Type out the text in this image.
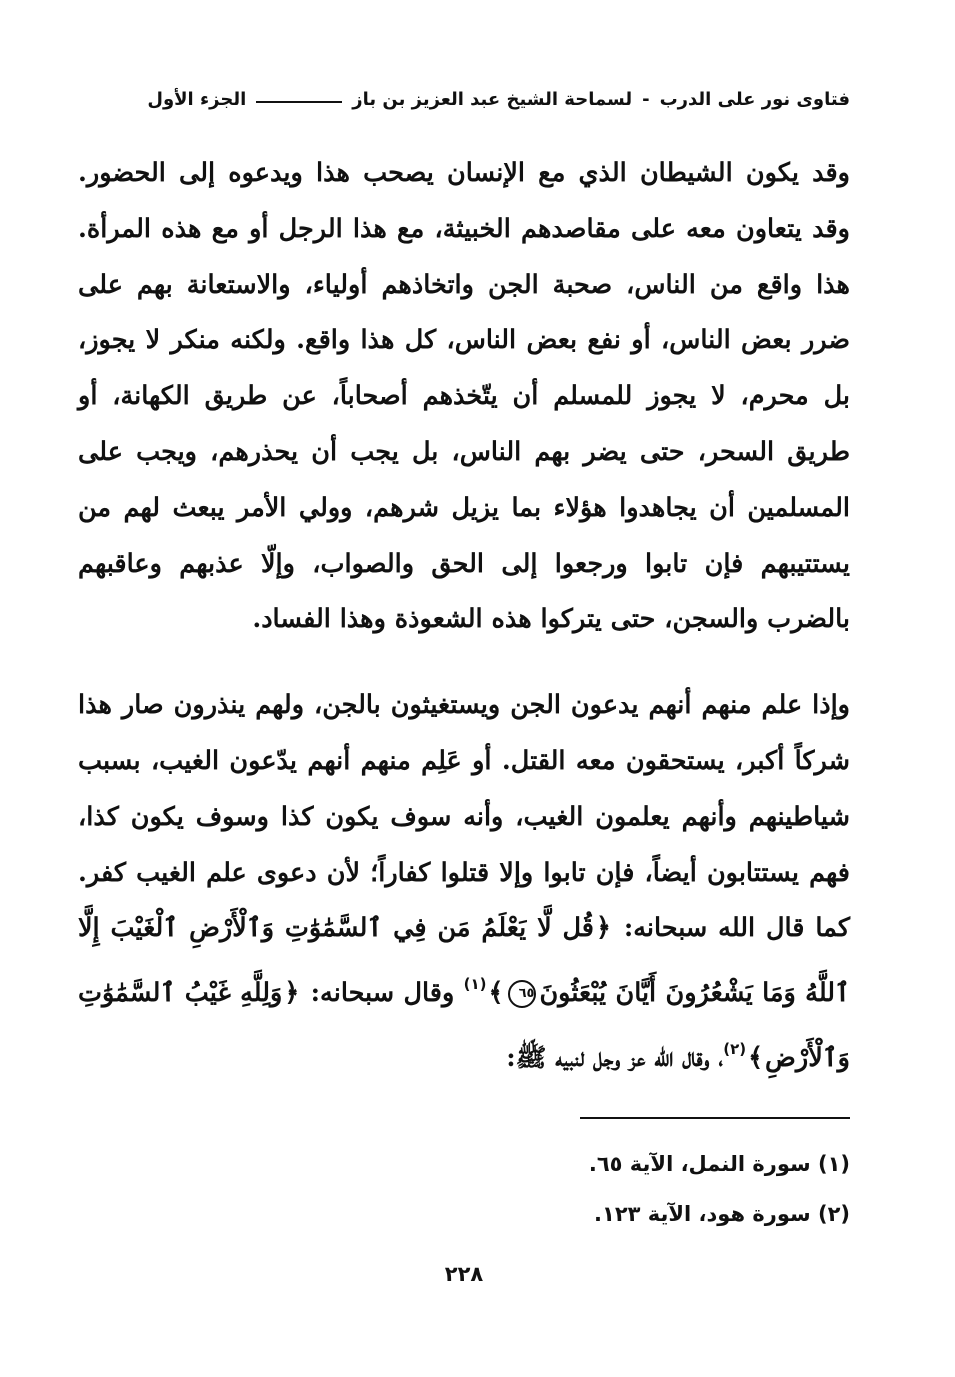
فتاوى نور على الدرب
-
لسماحة الشيخ عبد العزيز بن باز
الجزء الأول

وقد يكون الشيطان الذي مع الإنسان يصحب هذا ويدعوه إلى الحضور. وقد يتعاون معه على مقاصدهم الخبيثة، مع هذا الرجل أو مع هذه المرأة. هذا واقع من الناس، صحبة الجن واتخاذهم أولياء، والاستعانة بهم على ضرر بعض الناس، أو نفع بعض الناس، كل هذا واقع. ولكنه منكر لا يجوز، بل محرم، لا يجوز للمسلم أن يتّخذهم أصحاباً، عن طريق الكهانة، أو طريق السحر، حتى يضر بهم الناس، بل يجب أن يحذرهم، ويجب على المسلمين أن يجاهدوا هؤلاء بما يزيل شرهم، وولي الأمر يبعث لهم من يستتيبهم فإن تابوا ورجعوا إلى الحق والصواب، وإلّا عذبهم وعاقبهم بالضرب والسجن، حتى يتركوا هذه الشعوذة وهذا الفساد.

وإذا علم منهم أنهم يدعون الجن ويستغيثون بالجن، ولهم ينذرون صار هذا شركاً أكبر، يستحقون معه القتل. أو عَلِم منهم أنهم يدّعون الغيب، بسبب شياطينهم وأنهم يعلمون الغيب، وأنه سوف يكون كذا وسوف يكون كذا، فهم يستتابون أيضاً، فإن تابوا وإلا قتلوا كفاراً؛ لأن دعوى علم الغيب كفر. كما قال الله سبحانه: ﴿قُل لَّا يَعْلَمُ مَن فِي ٱلسَّمَٰوَٰتِ وَٱلْأَرْضِ ٱلْغَيْبَ إِلَّا ٱللَّهُ وَمَا يَشْعُرُونَ أَيَّانَ يُبْعَثُونَ٦٥﴾$^{(١)}$ وقال سبحانه: ﴿وَلِلَّهِ غَيْبُ ٱلسَّمَٰوَٰتِ وَٱلْأَرْضِ﴾$^{(٢)}$، وقال الله عز وجل لنبيه ﷺ:

(١) سورة النمل، الآية ٦٥.
(٢) سورة هود، الآية ١٢٣.
٢٢٨
